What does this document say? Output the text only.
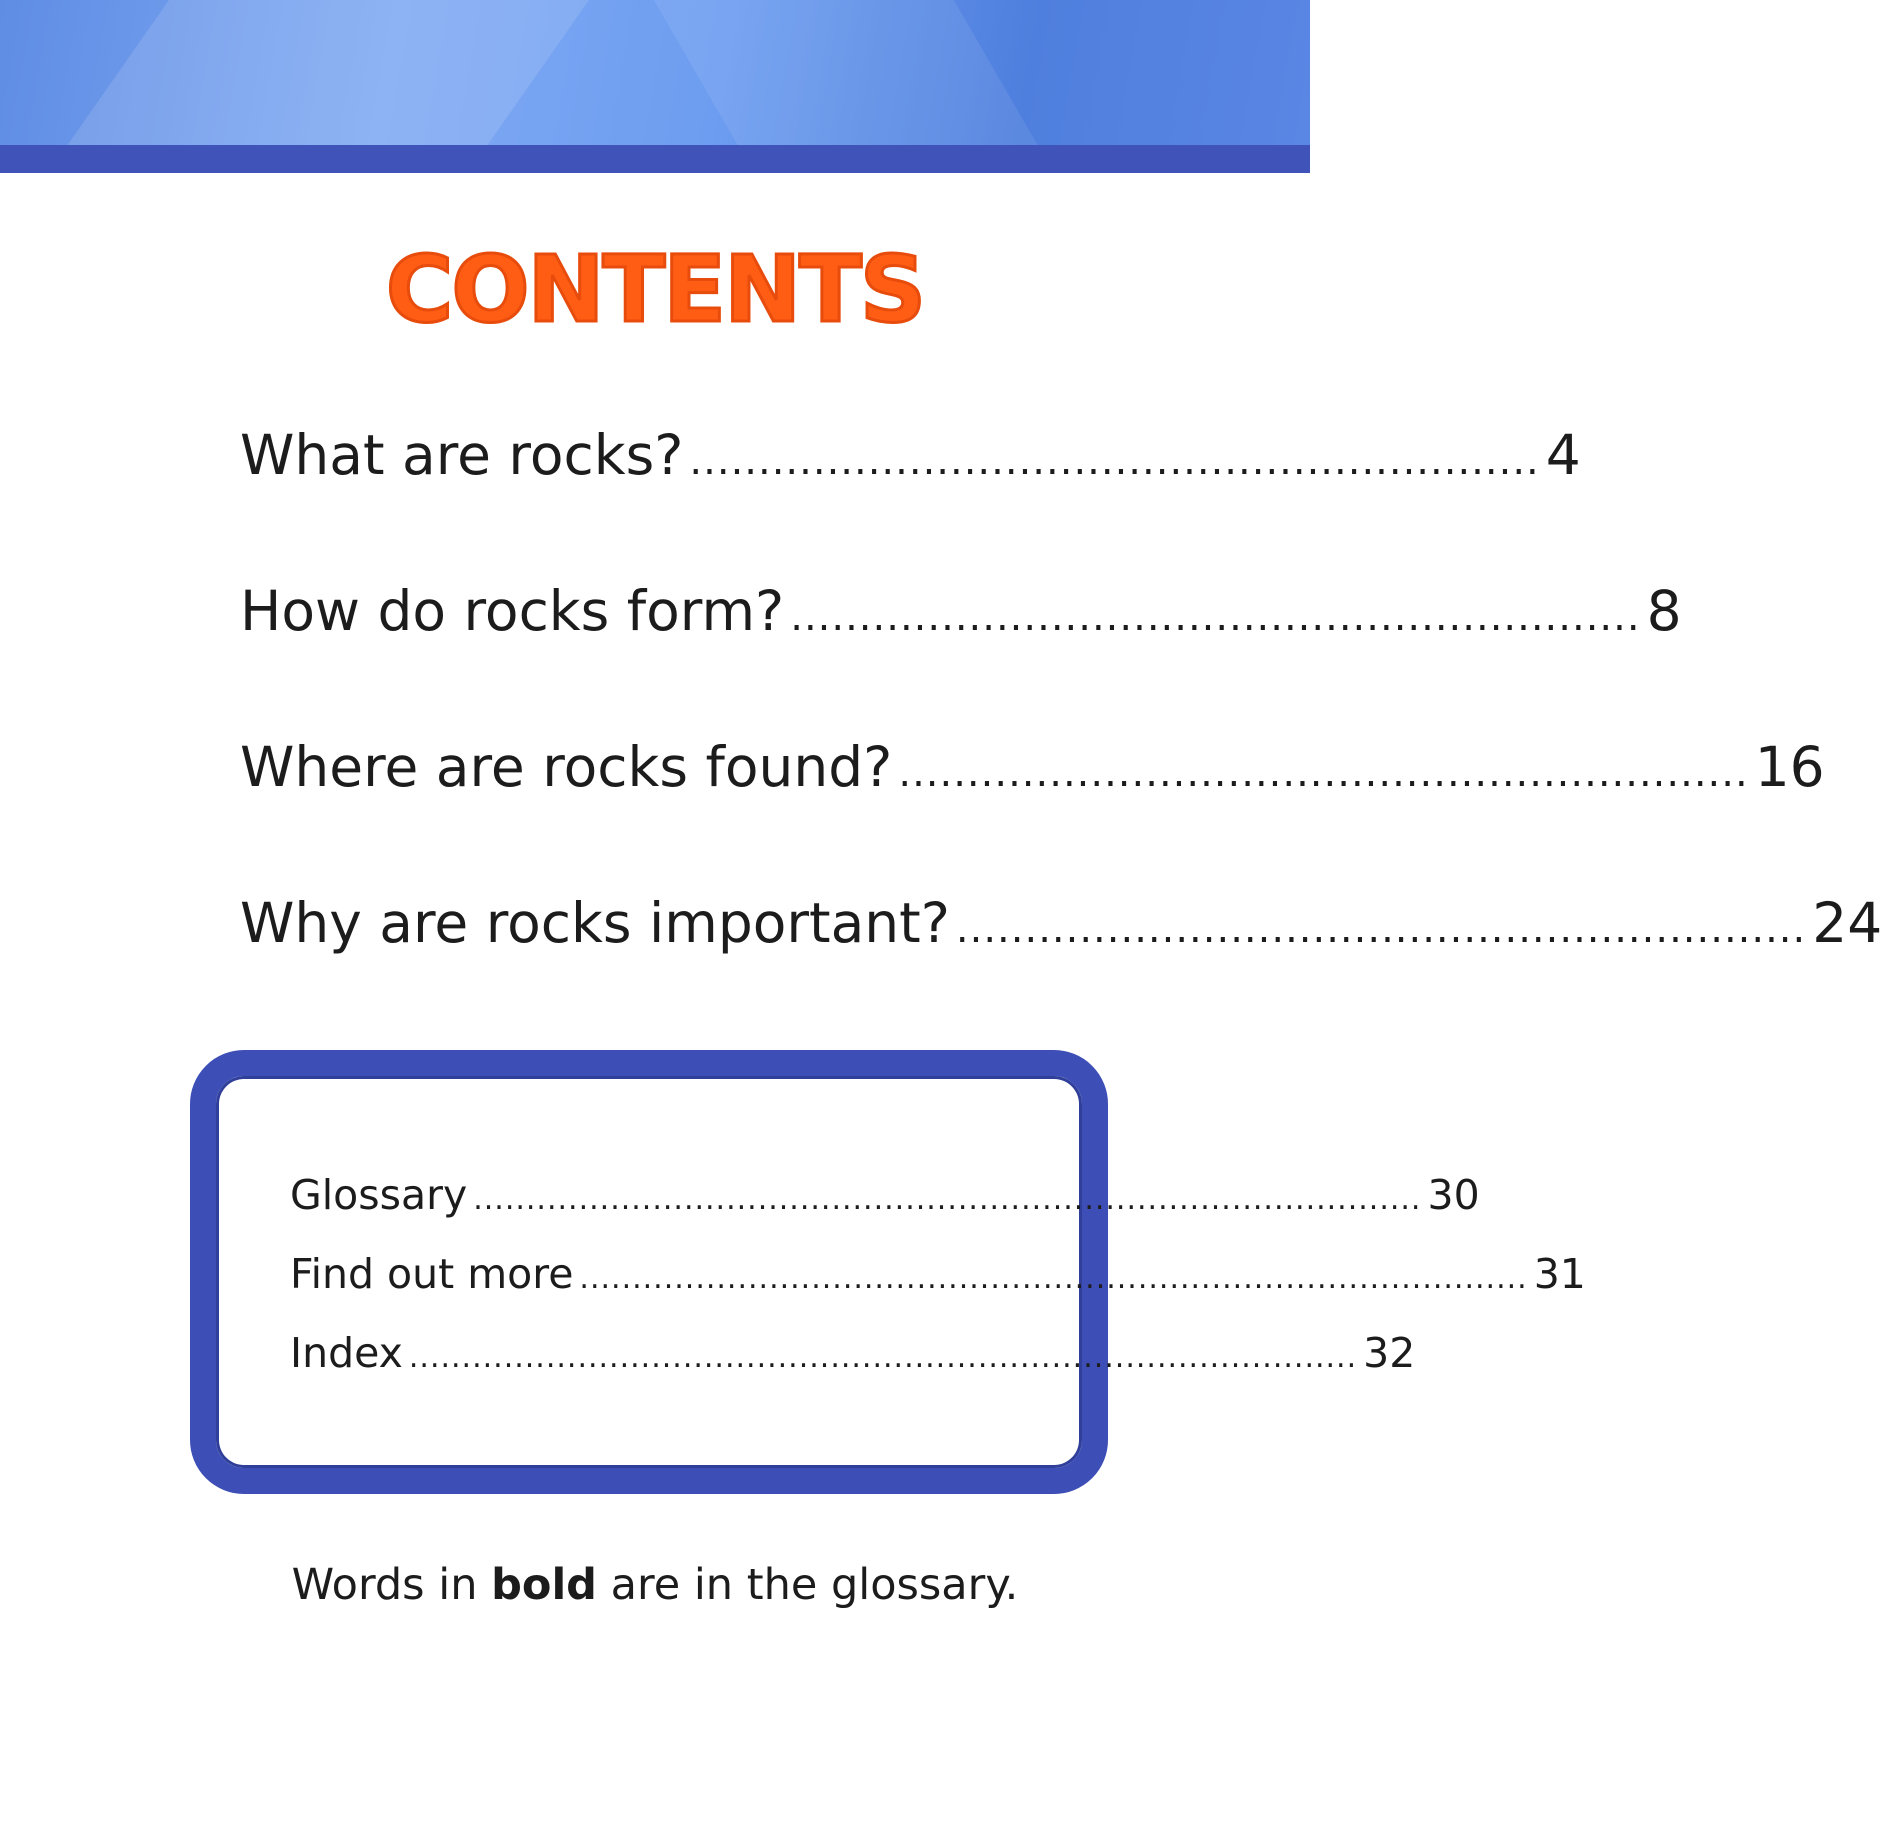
CONTENTS
What are rocks? .............................................................. 4
How do rocks form? .............................................................. 8
Where are rocks found? .............................................................. 16
Why are rocks important? .............................................................. 24
Glossary .......................................................................................... 30
Find out more .......................................................................................... 31
Index .......................................................................................... 32
Words in bold are in the glossary.
